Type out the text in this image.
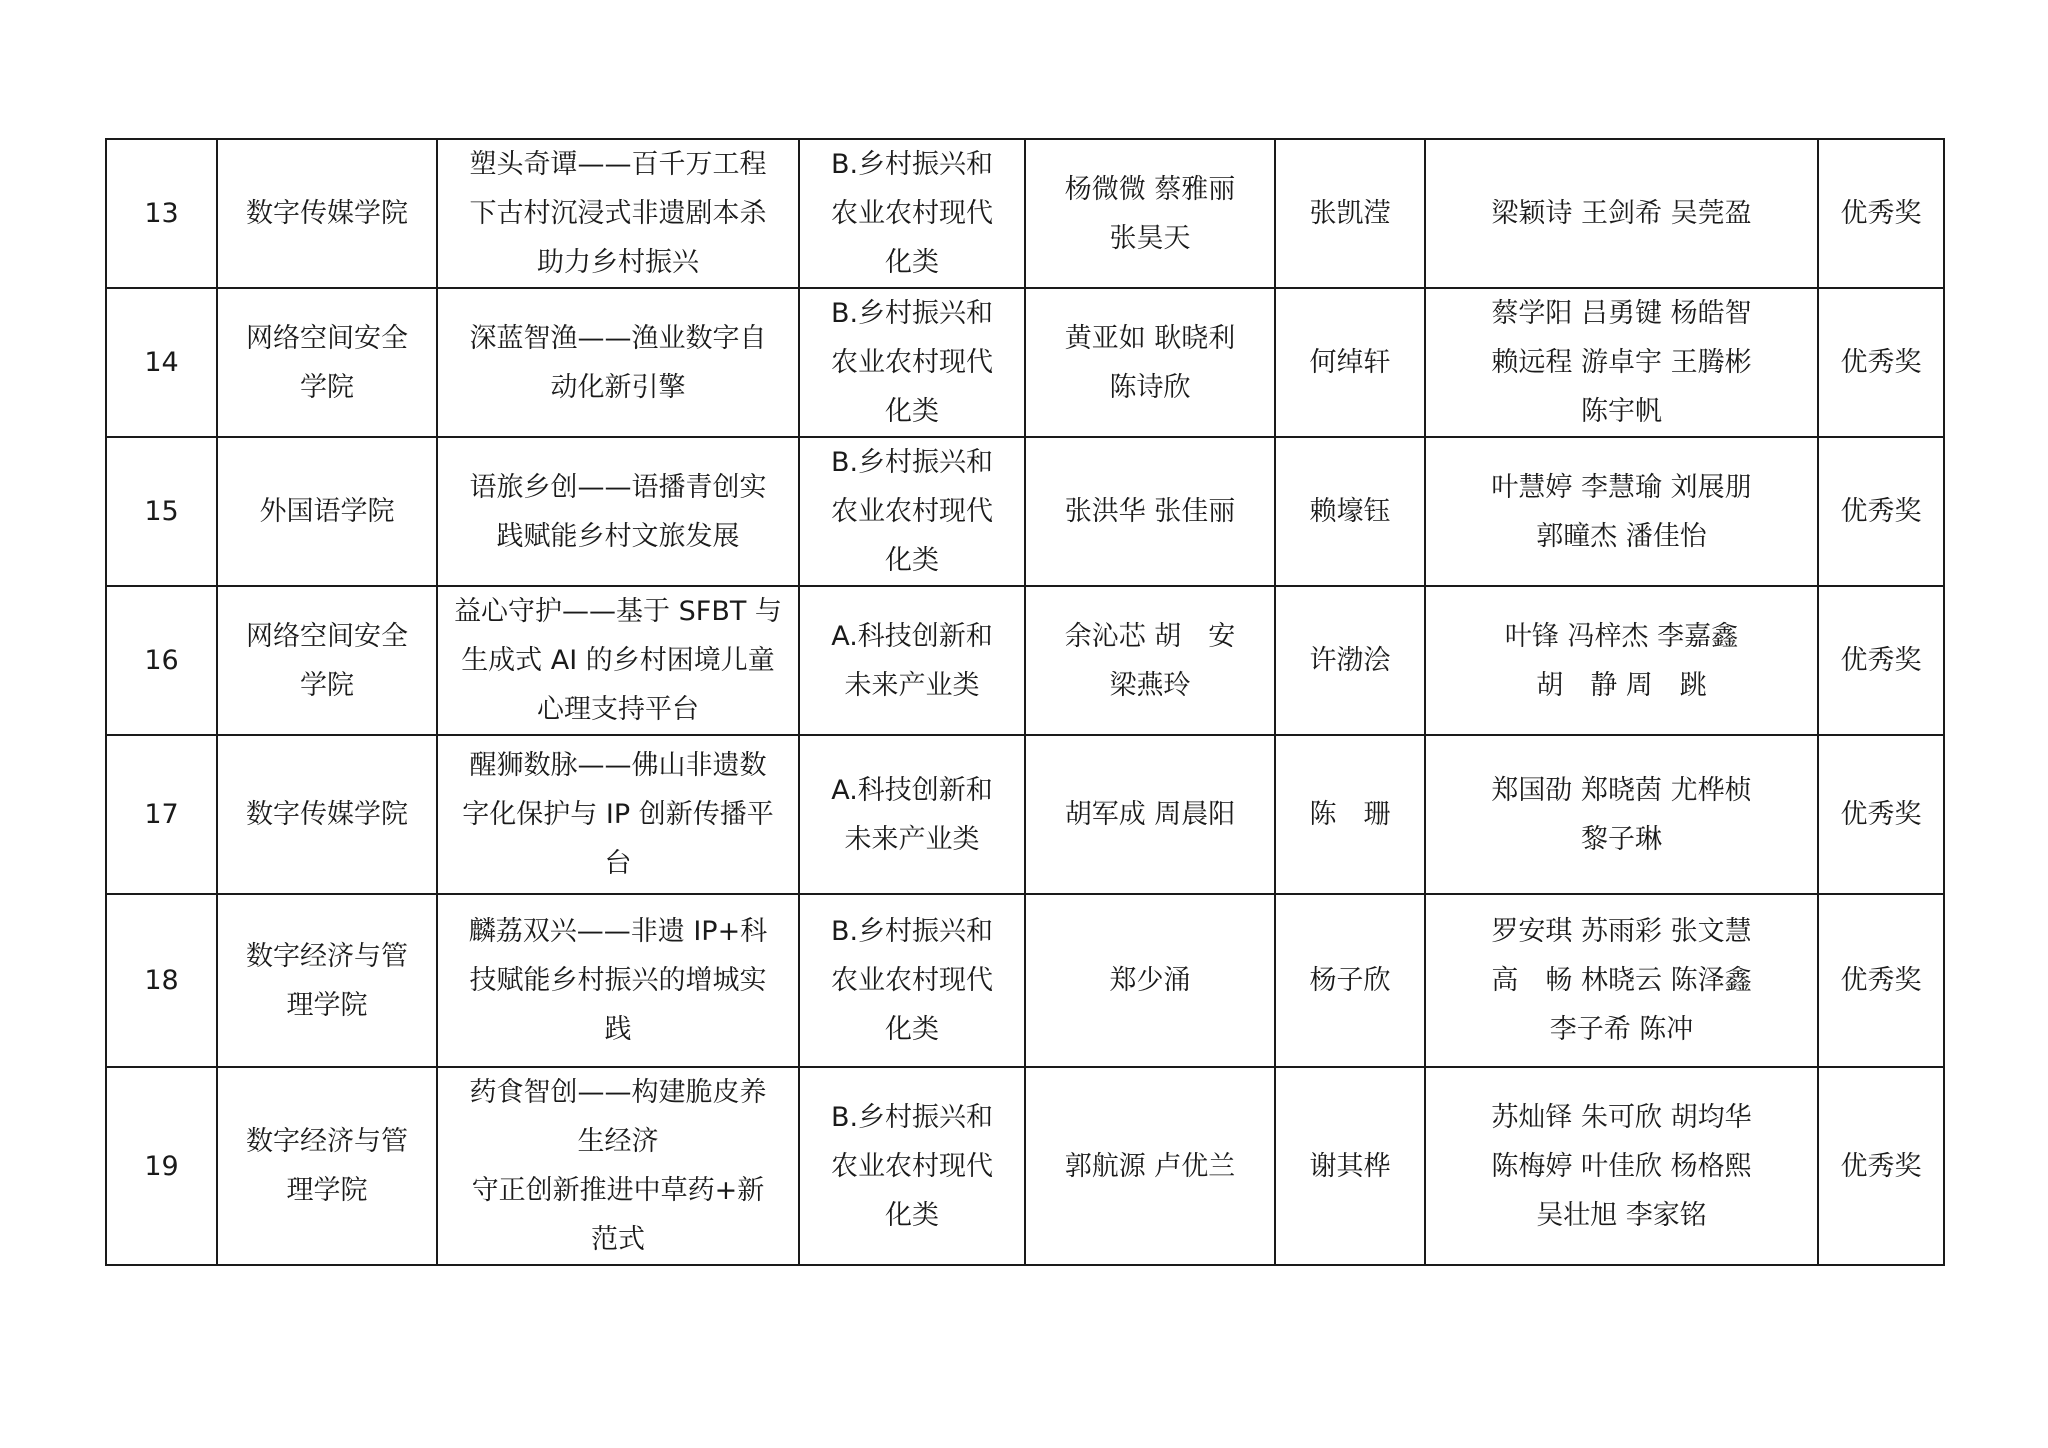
13	数字传媒学院	塑头奇谭——百千万工程
下古村沉浸式非遗剧本杀
助力乡村振兴	B.乡村振兴和
农业农村现代
化类	杨微微 蔡雅丽
张昊天	张凯滢	梁颖诗 王剑希 吴莞盈	优秀奖

14	网络空间安全
学院	深蓝智渔——渔业数字自
动化新引擎	B.乡村振兴和
农业农村现代
化类	黄亚如 耿晓利
陈诗欣	何绰轩	蔡学阳 吕勇键 杨皓智
赖远程 游卓宇 王腾彬
陈宇帆	优秀奖

15	外国语学院	语旅乡创——语播青创实
践赋能乡村文旅发展	B.乡村振兴和
农业农村现代
化类	张洪华 张佳丽	赖壕钰	叶慧婷 李慧瑜 刘展朋
郭曈杰 潘佳怡	优秀奖

16	网络空间安全
学院	益心守护——基于 SFBT 与
生成式 AI 的乡村困境儿童
心理支持平台	A.科技创新和
未来产业类	余沁芯 胡　安
梁燕玲	许渤浍	叶锋 冯梓杰 李嘉鑫
胡　静 周　跳	优秀奖

17	数字传媒学院	醒狮数脉——佛山非遗数
字化保护与 IP 创新传播平
台	A.科技创新和
未来产业类	胡军成 周晨阳	陈　珊	郑国劭 郑晓茵 尤桦桢
黎子琳	优秀奖

18	数字经济与管
理学院	麟荔双兴——非遗 IP+科
技赋能乡村振兴的增城实
践	B.乡村振兴和
农业农村现代
化类	郑少涌	杨子欣	罗安琪 苏雨彩 张文慧
高　畅 林晓云 陈泽鑫
李子希 陈冲	优秀奖

19	数字经济与管
理学院	药食智创——构建脆皮养
生经济
守正创新推进中草药+新
范式	B.乡村振兴和
农业农村现代
化类	郭航源 卢优兰	谢其桦	苏灿铎 朱可欣 胡均华
陈梅婷 叶佳欣 杨格熙
吴壮旭 李家铭	优秀奖
